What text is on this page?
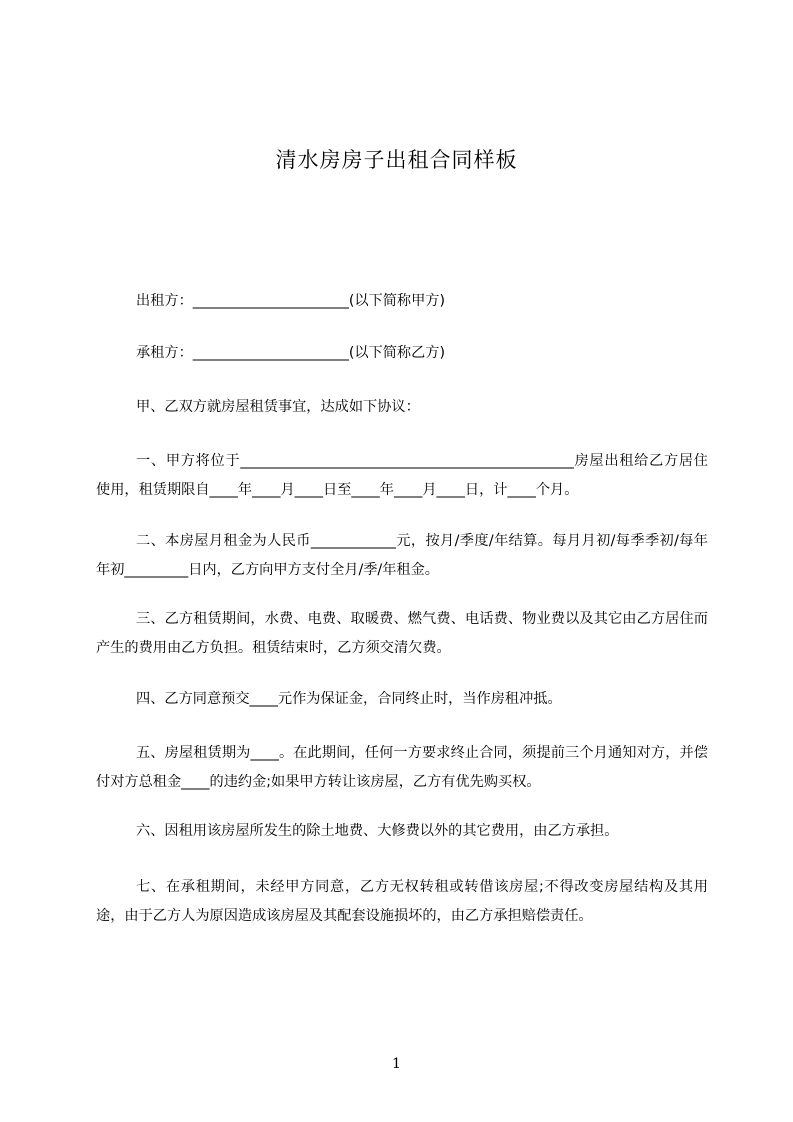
清水房房子出租合同样板
出租方：______________________(以下简称甲方)
承租方：______________________(以下简称乙方)
甲、乙双方就房屋租赁事宜，达成如下协议：
一、甲方将位于_______________________________________________房屋出租给乙方居住使用，租赁期限自____年____月____日至____年____月____日，计____个月。
二、本房屋月租金为人民币____________元，按月/季度/年结算。每月月初/每季季初/每年年初_________日内，乙方向甲方支付全月/季/年租金。
三、乙方租赁期间，水费、电费、取暖费、燃气费、电话费、物业费以及其它由乙方居住而产生的费用由乙方负担。租赁结束时，乙方须交清欠费。
四、乙方同意预交____元作为保证金，合同终止时，当作房租冲抵。
五、房屋租赁期为____。在此期间，任何一方要求终止合同，须提前三个月通知对方，并偿付对方总租金____的违约金;如果甲方转让该房屋，乙方有优先购买权。
六、因租用该房屋所发生的除土地费、大修费以外的其它费用，由乙方承担。
七、在承租期间，未经甲方同意，乙方无权转租或转借该房屋;不得改变房屋结构及其用途，由于乙方人为原因造成该房屋及其配套设施损坏的，由乙方承担赔偿责任。
1
